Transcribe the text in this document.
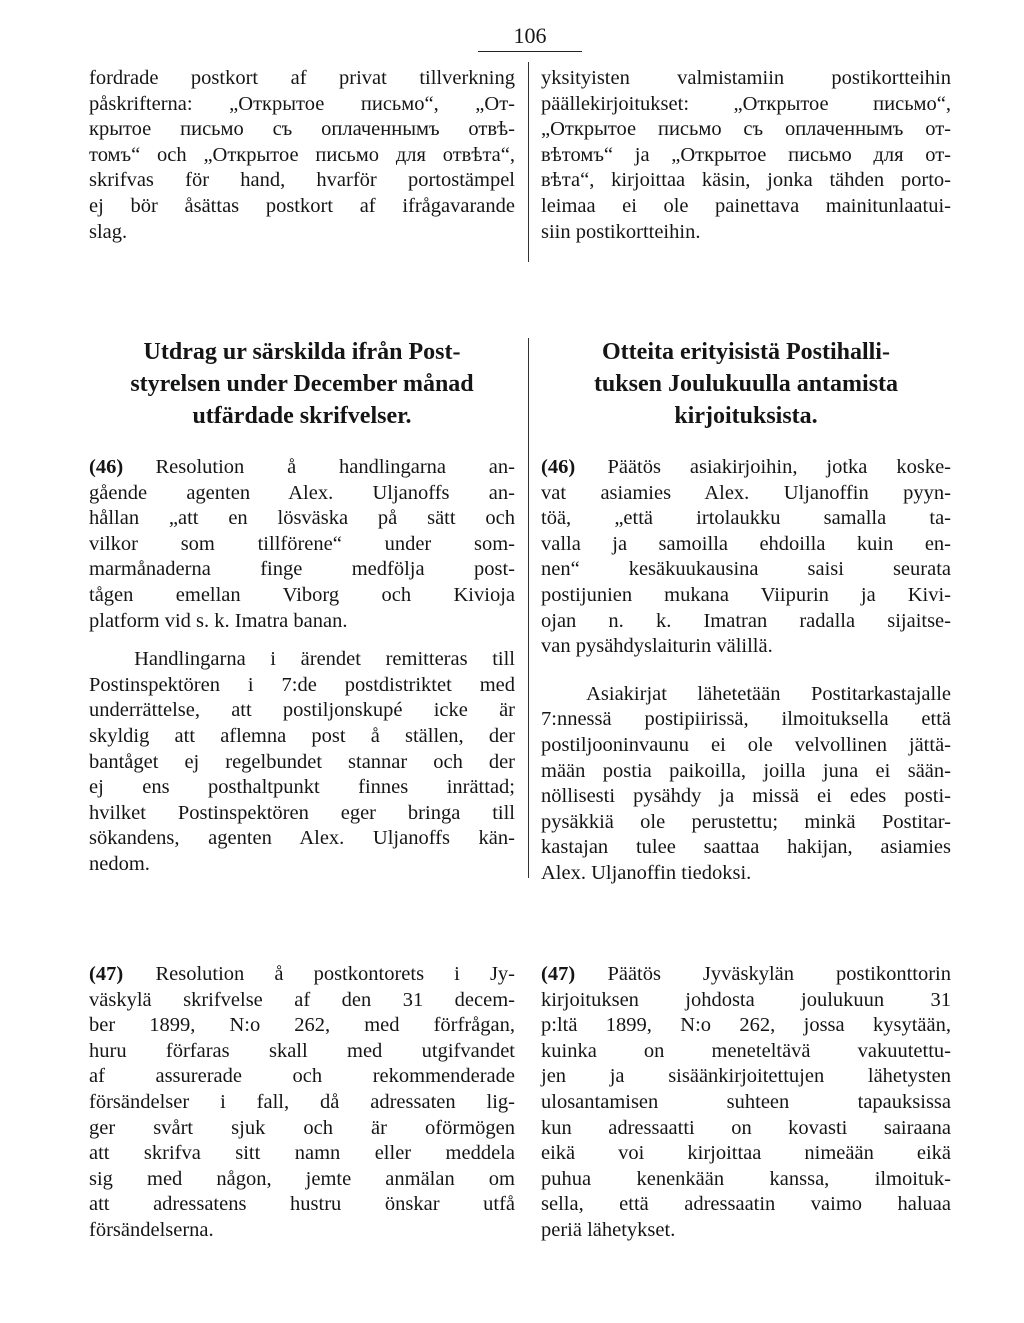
106
fordrade postkort af privat tillverkning
påskrifterna: „Открытое письмо“, „От-
крытое письмо съ оплаченнымъ отвѣ-
томъ“ och „Открытое письмо для отвѣта“,
skrifvas för hand, hvarför portostämpel
ej bör åsättas postkort af ifrågavarande
slag.
yksityisten valmistamiin postikortteihin
päällekirjoitukset: „Открытое письмо“,
„Открытое письмо съ оплаченнымъ от-
вѣтомъ“ ja „Открытое письмо для от-
вѣта“, kirjoittaa käsin, jonka tähden porto-
leimaa ei ole painettava mainitunlaatui-
siin postikortteihin.
Utdrag ur särskilda ifrån Post-
styrelsen under December månad
utfärdade skrifvelser.
Otteita erityisistä Postihalli-
tuksen Joulukuulla antamista
kirjoituksista.
(46)	Resolution å handlingarna an-
gående agenten Alex. Uljanoffs an-
hållan „att en lösväska på sätt och
vilkor som tillförene“ under som-
marmånaderna finge medfölja post-
tågen emellan Viborg och Kivioja
platform vid s. k. Imatra banan.
Handlingarna i ärendet remitteras till
Postinspektören i 7:de postdistriktet med
underrättelse, att postiljonskupé icke är
skyldig att aflemna post å ställen, der
bantåget ej regelbundet stannar och der
ej ens posthaltpunkt finnes inrättad;
hvilket Postinspektören eger bringa till
sökandens, agenten Alex. Uljanoffs kän-
nedom.
(46)	Päätös asiakirjoihin, jotka koske-
vat asiamies Alex. Uljanoffin pyyn-
töä, „että irtolaukku samalla ta-
valla ja samoilla ehdoilla kuin en-
nen“ kesäkuukausina saisi seurata
postijunien mukana Viipurin ja Kivi-
ojan n. k. Imatran radalla sijaitse-
van pysähdyslaiturin välillä.
Asiakirjat lähetetään Postitarkastajalle
7:nnessä postipiirissä, ilmoituksella että
postiljooninvaunu ei ole velvollinen jättä-
mään postia paikoilla, joilla juna ei sään-
nöllisesti pysähdy ja missä ei edes posti-
pysäkkiä ole perustettu; minkä Postitar-
kastajan tulee saattaa hakijan, asiamies
Alex. Uljanoffin tiedoksi.
(47)	Resolution å postkontorets i Jy-
väskylä skrifvelse af den 31 decem-
ber 1899, N:o 262, med förfrågan,
huru förfaras skall med utgifvandet
af assurerade och rekommenderade
försändelser i fall, då adressaten lig-
ger svårt sjuk och är oförmögen
att skrifva sitt namn eller meddela
sig med någon, jemte anmälan om
att adressatens hustru önskar utfå
försändelserna.
(47)	Päätös Jyväskylän postikonttorin
kirjoituksen johdosta joulukuun 31
p:ltä 1899, N:o 262, jossa kysytään,
kuinka on meneteltävä vakuutettu-
jen ja sisäänkirjoitettujen lähetysten
ulosantamisen suhteen tapauksissa
kun adressaatti on kovasti sairaana
eikä voi kirjoittaa nimeään eikä
puhua kenenkään kanssa, ilmoituk-
sella, että adressaatin vaimo haluaa
periä lähetykset.
